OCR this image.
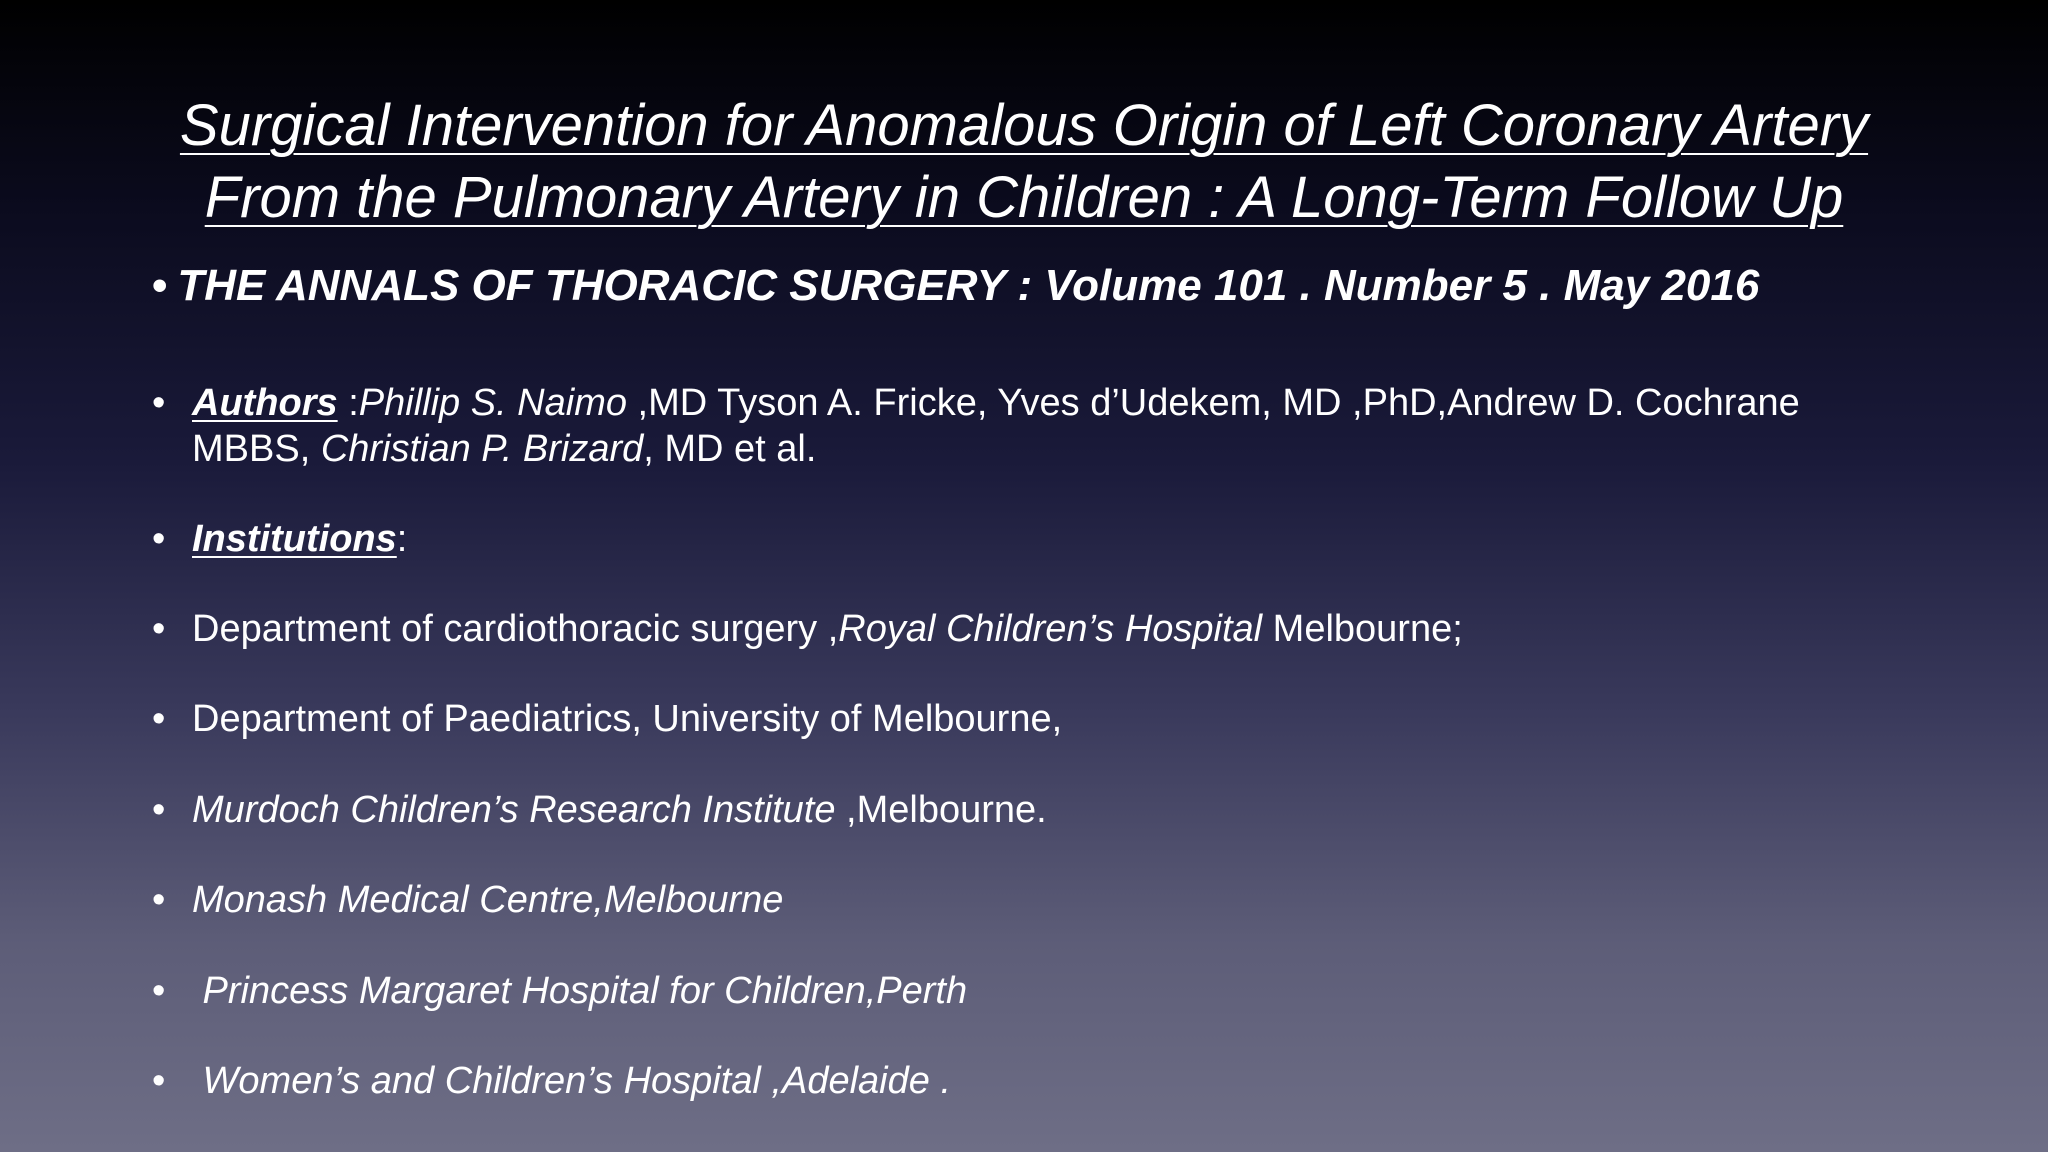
Surgical Intervention for Anomalous Origin of Left Coronary Artery
From the Pulmonary Artery in Children : A Long-Term Follow Up
• THE ANNALS OF THORACIC SURGERY : Volume 101 . Number 5 . May 2016
• Authors :Phillip S. Naimo ,MD Tyson A. Fricke, Yves d’Udekem, MD ,PhD,Andrew D. Cochrane
MBBS, Christian P. Brizard, MD et al.
• Institutions:
• Department of cardiothoracic surgery ,Royal Children’s Hospital Melbourne;
• Department of Paediatrics, University of Melbourne,
• Murdoch Children’s Research Institute ,Melbourne.
• Monash Medical Centre,Melbourne
• Princess Margaret Hospital for Children,Perth
• Women’s and Children’s Hospital ,Adelaide .
